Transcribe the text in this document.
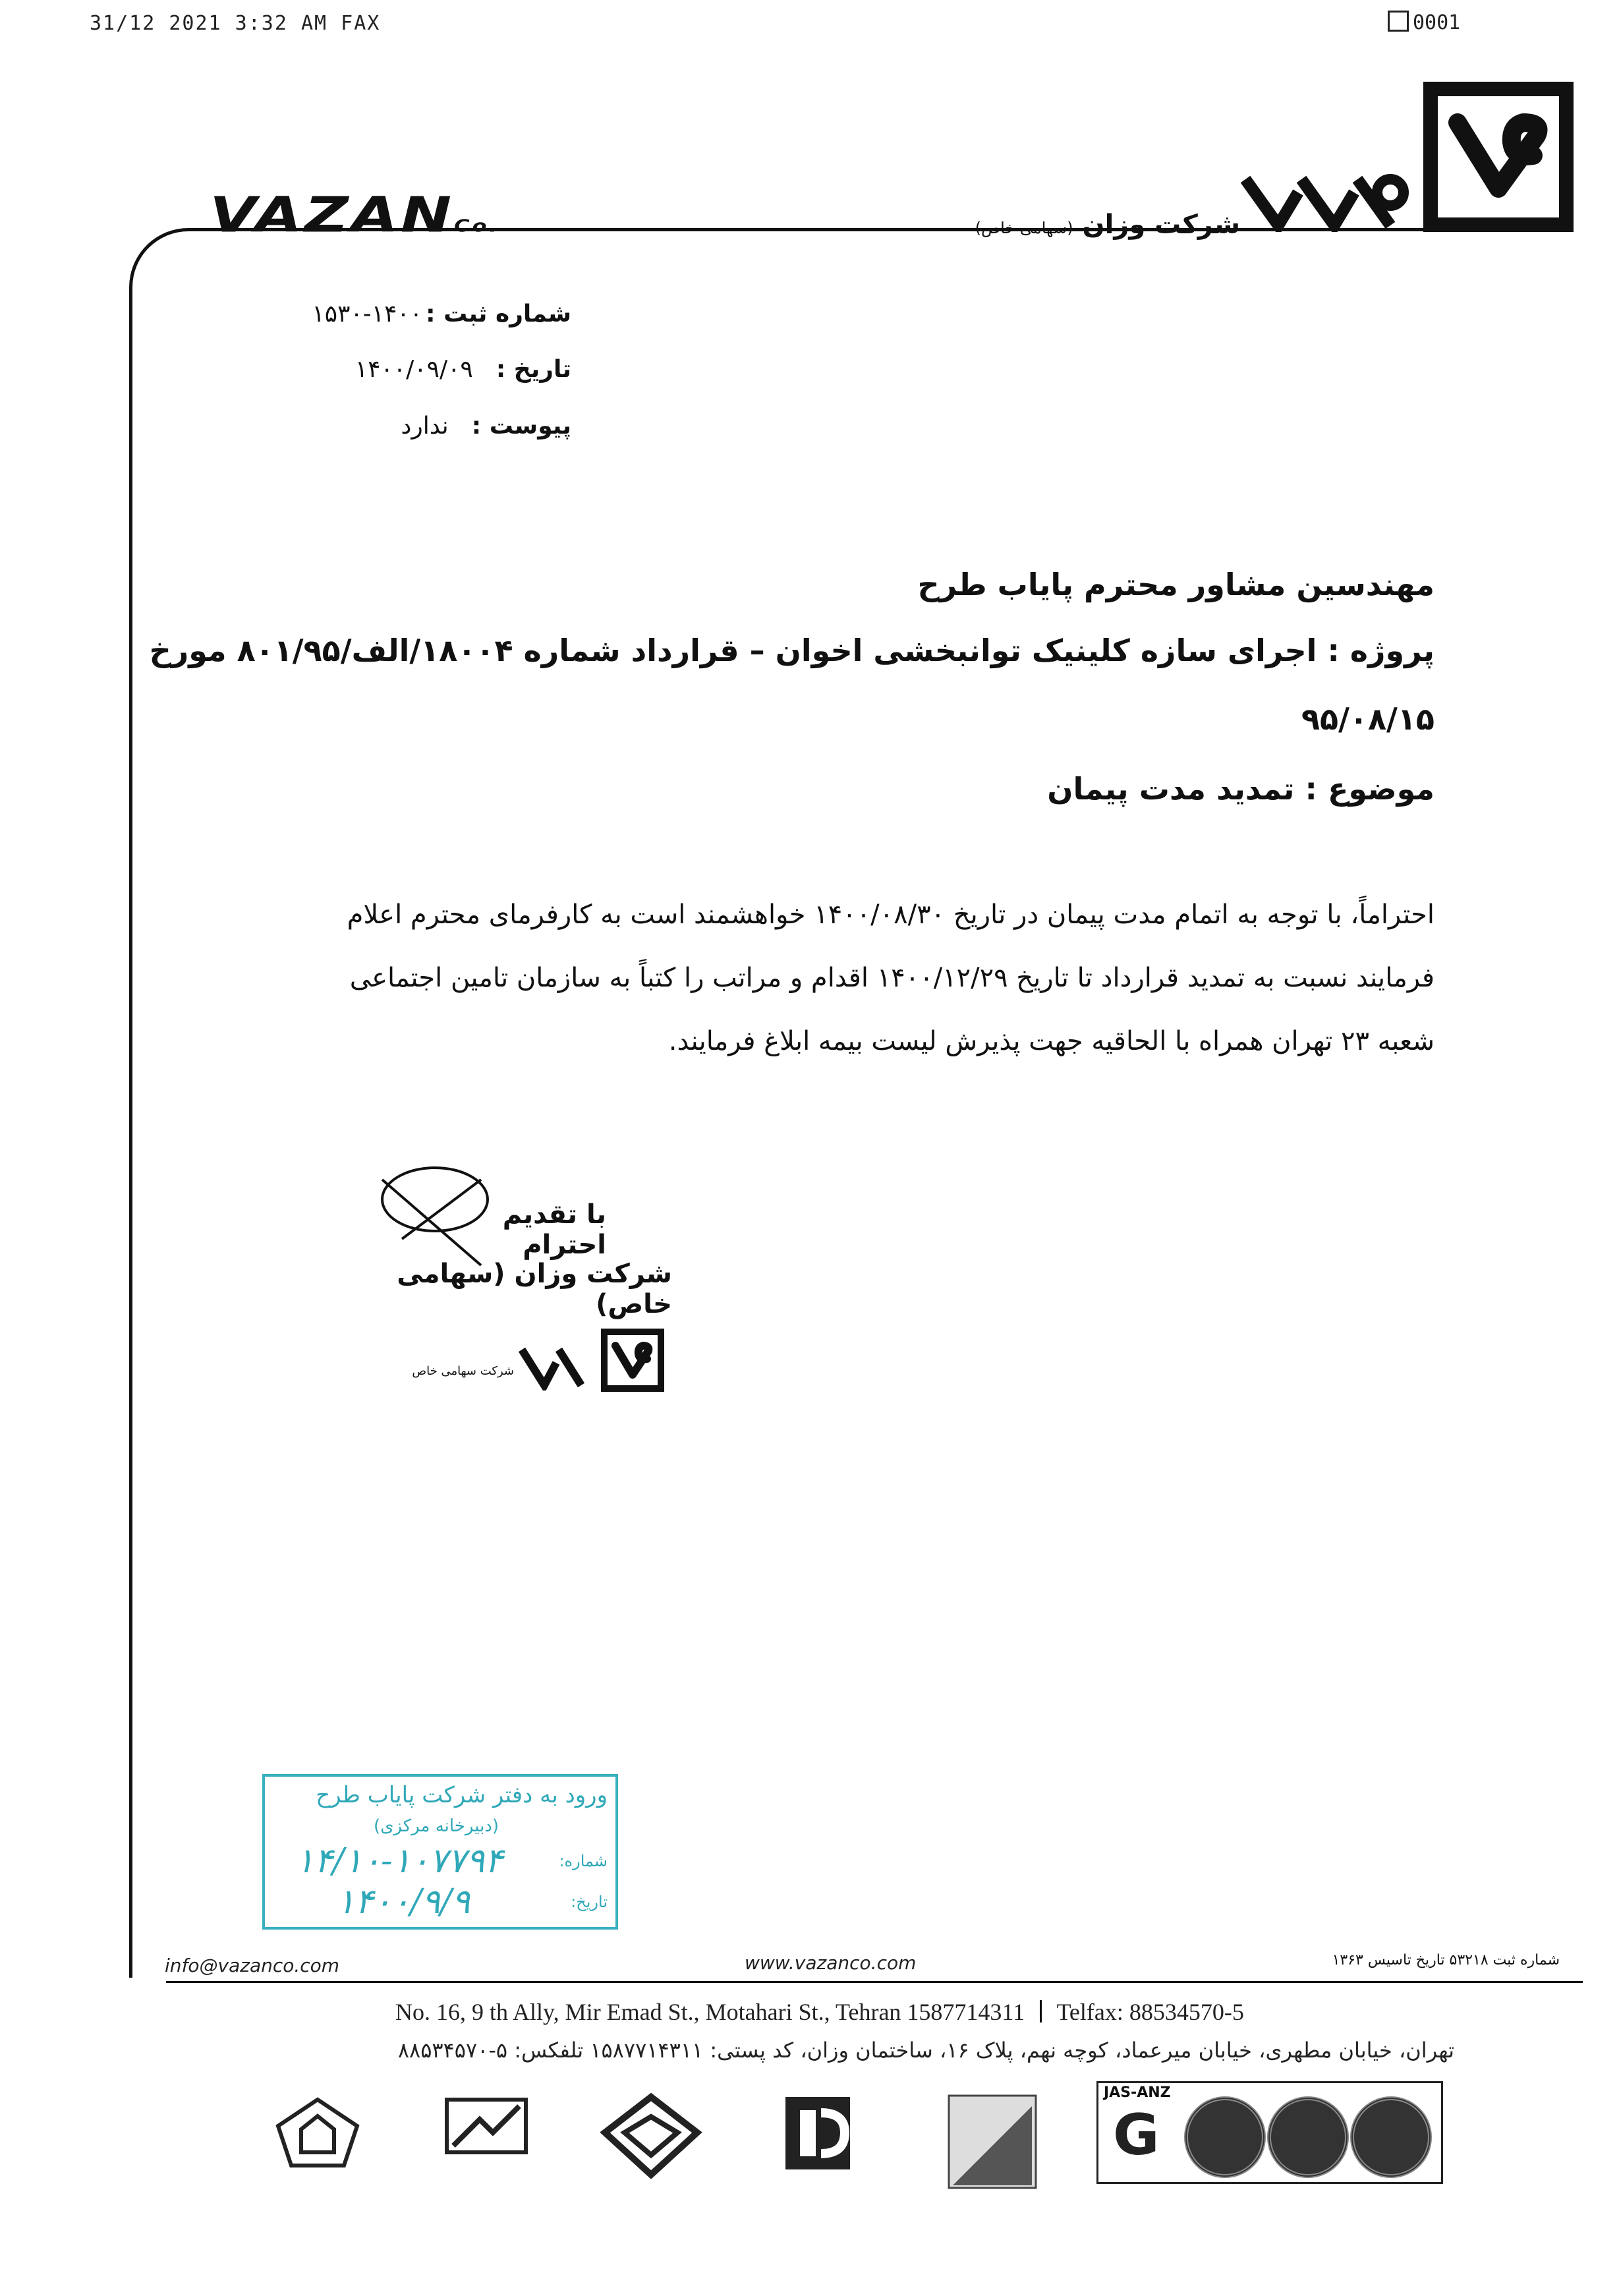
31/12 2021 3:32 AM FAX	0001
شرکت وزان (سهامی خاص)
VAZANCo.
شماره ثبت : ۱۴۰۰-۱۵۳۰
تاریخ : ۱۴۰۰/۰۹/۰۹
پیوست : ندارد
مهندسین مشاور محترم پایاب طرح
پروژه : اجرای سازه کلینیک توانبخشی اخوان – قرارداد شماره ۱۸۰۰۴/الف/۸۰۱/۹۵ مورخ
۹۵/۰۸/۱۵
موضوع : تمدید مدت پیمان
احتراماً، با توجه به اتمام مدت پیمان در تاریخ ۱۴۰۰/۰۸/۳۰ خواهشمند است به کارفرمای محترم اعلام
فرمایند نسبت به تمدید قرارداد تا تاریخ ۱۴۰۰/۱۲/۲۹ اقدام و مراتب را کتباً به سازمان تامین اجتماعی
شعبه ۲۳ تهران همراه با الحاقیه جهت پذیرش لیست بیمه ابلاغ فرمایند.
با تقدیم احترام
شرکت وزان (سهامی خاص)
شرکت سهامی خاص
ورود به دفتر شرکت پایاب طرح
(دبیرخانه مرکزی)
شماره:
۱۴/۱۰-۱۰۷۷۹۴
تاریخ:
۱۴۰۰/۹/۹
info@vazanco.com	www.vazanco.com	شماره ثبت ۵۳۲۱۸ تاریخ تاسیس ۱۳۶۳
No. 16, 9 th Ally, Mir Emad St., Motahari St., Tehran 1587714311 Telfax: 88534570-5
تهران، خیابان مطهری، خیابان میرعماد، کوچه نهم، پلاک ۱۶، ساختمان وزان، کد پستی: ۱۵۸۷۷۱۴۳۱۱ تلفکس: ۵-۸۸۵۳۴۵۷۰
JAS-ANZ
G
